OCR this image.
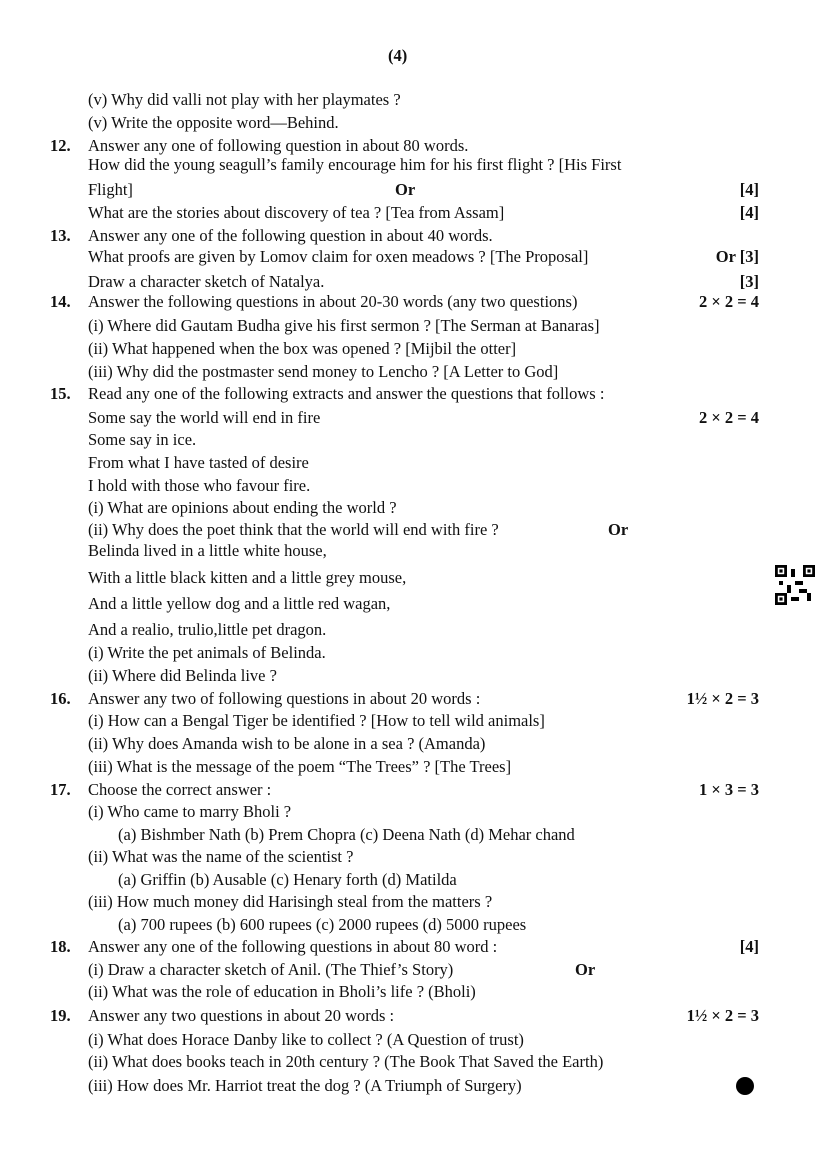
(4)
(v) Why did valli not play with her playmates ?
(v) Write the opposite word—Behind.
12. Answer any one of following question in about 80 words.
How did the young seagull’s family encourage him for his first flight ? [His First
Flight]	Or	[4]
What are the stories about discovery of tea ? [Tea from Assam]	[4]
13. Answer any one of the following question in about 40 words.
What proofs are given by Lomov claim for oxen meadows ? [The Proposal]	Or [3]
Draw a character sketch of Natalya.	[3]
14. Answer the following questions in about 20-30 words (any two questions)	2 × 2 = 4
(i) Where did Gautam Budha give his first sermon ? [The Serman at Banaras]
(ii) What happened when the box was opened ? [Mijbil the otter]
(iii) Why did the postmaster send money to Lencho ? [A Letter to God]
15. Read any one of the following extracts and answer the questions that follows :
Some say the world will end in fire	2 × 2 = 4
Some say in ice.
From what I have tasted of desire
I hold with those who favour fire.
(i) What are opinions about ending the world ?
(ii) Why does the poet think that the world will end with fire ?	Or
Belinda lived in a little white house,
With a little black kitten and a little grey mouse,
And a little yellow dog and a little red wagan,
And a realio, trulio,little pet dragon.
(i) Write the pet animals of Belinda.
(ii) Where did Belinda live ?
16. Answer any two of following questions in about 20 words :	1½ × 2 = 3
(i) How can a Bengal Tiger be identified ? [How to tell wild animals]
(ii) Why does Amanda wish to be alone in a sea ? (Amanda)
(iii) What is the message of the poem “The Trees” ? [The Trees]
17. Choose the correct answer :	1 × 3 = 3
(i) Who came to marry Bholi ?
(a) Bishmber Nath (b) Prem Chopra (c) Deena Nath (d) Mehar chand
(ii) What was the name of the scientist ?
(a) Griffin (b) Ausable (c) Henary forth (d) Matilda
(iii) How much money did Harisingh steal from the matters ?
(a) 700 rupees (b) 600 rupees (c) 2000 rupees (d) 5000 rupees
18. Answer any one of the following questions in about 80 word :	[4]
(i) Draw a character sketch of Anil. (The Thief’s Story)	Or
(ii) What was the role of education in Bholi’s life ? (Bholi)
19. Answer any two questions in about 20 words :	1½ × 2 = 3
(i) What does Horace Danby like to collect ? (A Question of trust)
(ii) What does books teach in 20th century ? (The Book That Saved the Earth)
(iii) How does Mr. Harriot treat the dog ? (A Triumph of Surgery)
